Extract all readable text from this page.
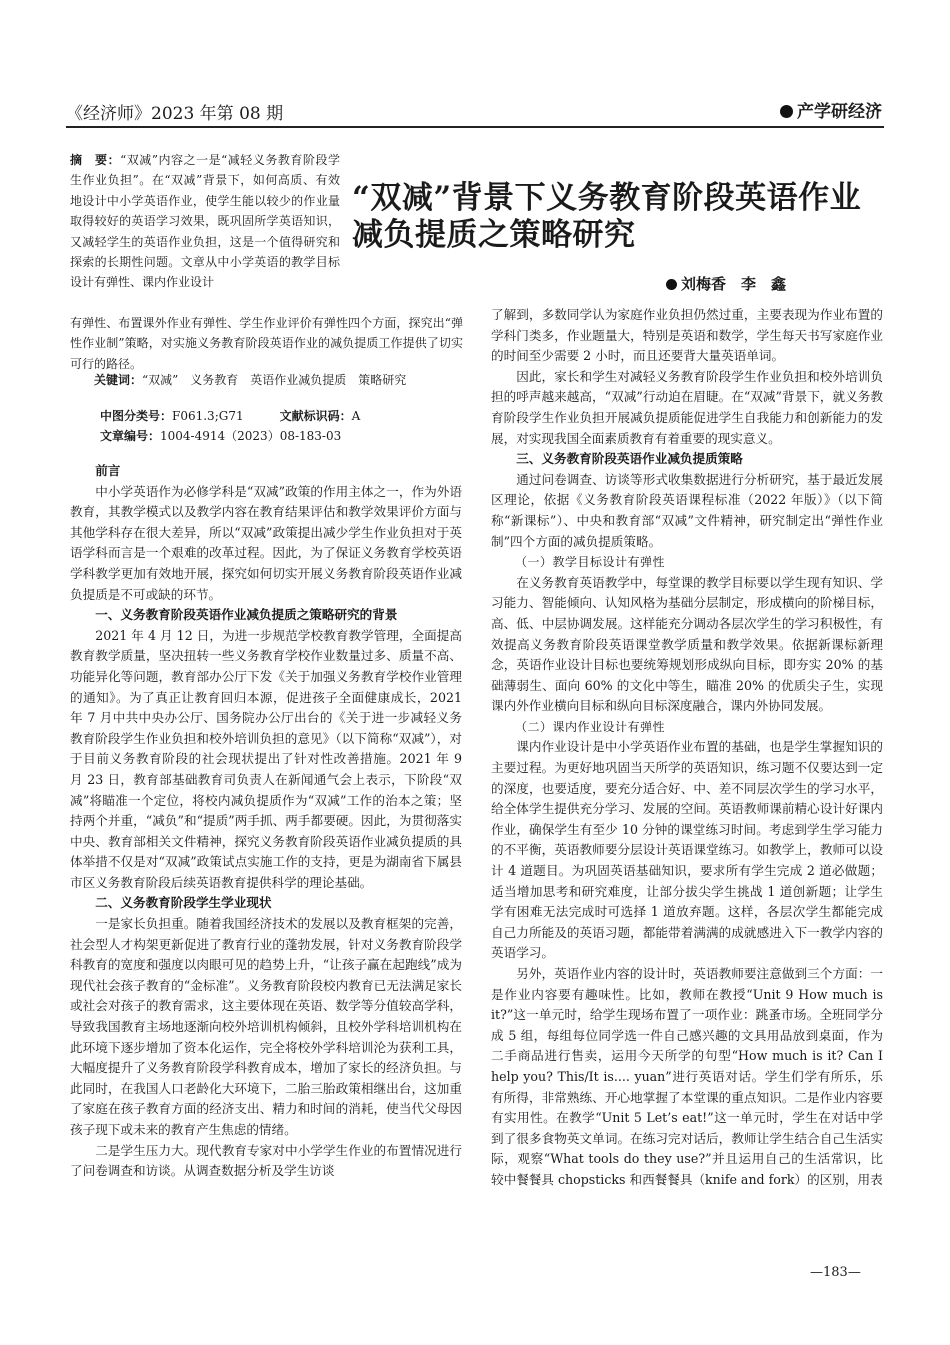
《经济师》2023 年第 08 期	产学研经济
“双减”背景下义务教育阶段英语作业减负提质之策略研究
刘梅香　李　鑫
摘　要：“双减”内容之一是“减轻义务教育阶段学生作业负担”。在“双减”背景下，如何高质、有效地设计中小学英语作业，使学生能以较少的作业量取得较好的英语学习效果，既巩固所学英语知识，又减轻学生的英语作业负担，这是一个值得研究和探索的长期性问题。文章从中小学英语的教学目标设计有弹性、课内作业设计
有弹性、布置课外作业有弹性、学生作业评价有弹性四个方面，探究出“弹性作业制”策略，对实施义务教育阶段英语作业的减负提质工作提供了切实可行的路径。
  关键词：“双减”　义务教育　英语作业减负提质　策略研究
中图分类号：F061.3;G71   	文献标识码：A
文章编号：1004-4914（2023）08-183-03
前言

中小学英语作为必修学科是“双减”政策的作用主体之一，作为外语教育，其教学模式以及教学内容在教育结果评估和教学效果评价方面与其他学科存在很大差异，所以“双减”政策提出减少学生作业负担对于英语学科而言是一个艰难的改革过程。因此，为了保证义务教育学校英语学科教学更加有效地开展，探究如何切实开展义务教育阶段英语作业减负提质是不可或缺的环节。

一、义务教育阶段英语作业减负提质之策略研究的背景

2021 年 4 月 12 日，为进一步规范学校教育教学管理，全面提高教育教学质量，坚决扭转一些义务教育学校作业数量过多、质量不高、功能异化等问题，教育部办公厅下发《关于加强义务教育学校作业管理的通知》。为了真正让教育回归本源，促进孩子全面健康成长，2021 年 7 月中共中央办公厅、国务院办公厅出台的《关于进一步减轻义务教育阶段学生作业负担和校外培训负担的意见》（以下简称“双减”），对于目前义务教育阶段的社会现状提出了针对性改善措施。2021 年 9 月 23 日，教育部基础教育司负责人在新闻通气会上表示，下阶段“双减”将瞄准一个定位，将校内减负提质作为“双减”工作的治本之策；坚持两个并重，“减负”和“提质”两手抓、两手都要硬。因此，为贯彻落实中央、教育部相关文件精神，探究义务教育阶段英语作业减负提质的具体举措不仅是对“双减”政策试点实施工作的支持，更是为湖南省下属县市区义务教育阶段后续英语教育提供科学的理论基础。

二、义务教育阶段学生学业现状

一是家长负担重。随着我国经济技术的发展以及教育框架的完善，社会型人才构架更新促进了教育行业的蓬勃发展，针对义务教育阶段学科教育的宽度和强度以肉眼可见的趋势上升，“让孩子赢在起跑线”成为现代社会孩子教育的“金标准”。义务教育阶段校内教育已无法满足家长或社会对孩子的教育需求，这主要体现在英语、数学等分值较高学科，导致我国教育主场地逐渐向校外培训机构倾斜，且校外学科培训机构在此环境下逐步增加了资本化运作，完全将校外学科培训沦为获利工具，大幅度提升了义务教育阶段学科教育成本，增加了家长的经济负担。与此同时，在我国人口老龄化大环境下，二胎三胎政策相继出台，这加重了家庭在孩子教育方面的经济支出、精力和时间的消耗，使当代父母因孩子现下或未来的教育产生焦虑的情绪。

二是学生压力大。现代教育专家对中小学学生作业的布置情况进行了问卷调查和访谈。从调查数据分析及学生访谈

了解到，多数同学认为家庭作业负担仍然过重，主要表现为作业布置的学科门类多，作业题量大，特别是英语和数学，学生每天书写家庭作业的时间至少需要 2 小时，而且还要背大量英语单词。

因此，家长和学生对减轻义务教育阶段学生作业负担和校外培训负担的呼声越来越高，“双减”行动迫在眉睫。在“双减”背景下，就义务教育阶段学生作业负担开展减负提质能促进学生自我能力和创新能力的发展，对实现我国全面素质教育有着重要的现实意义。

三、义务教育阶段英语作业减负提质策略

通过问卷调查、访谈等形式收集数据进行分析研究，基于最近发展区理论，依据《义务教育阶段英语课程标准（2022 年版）》（以下简称“新课标”）、中央和教育部“双减”文件精神，研究制定出“弹性作业制”四个方面的减负提质策略。

（一）教学目标设计有弹性

在义务教育英语教学中，每堂课的教学目标要以学生现有知识、学习能力、智能倾向、认知风格为基础分层制定，形成横向的阶梯目标，高、低、中层协调发展。这样能充分调动各层次学生的学习积极性，有效提高义务教育阶段英语课堂教学质量和教学效果。依据新课标新理念，英语作业设计目标也要统筹规划形成纵向目标，即夯实 20% 的基础薄弱生、面向 60% 的文化中等生，瞄准 20% 的优质尖子生，实现课内外作业横向目标和纵向目标深度融合，课内外协同发展。

（二）课内作业设计有弹性

课内作业设计是中小学英语作业布置的基础，也是学生掌握知识的主要过程。为更好地巩固当天所学的英语知识，练习题不仅要达到一定的深度，也要适度，要充分适合好、中、差不同层次学生的学习水平，给全体学生提供充分学习、发展的空间。英语教师课前精心设计好课内作业，确保学生有至少 10 分钟的课堂练习时间。考虑到学生学习能力的不平衡，英语教师要分层设计英语课堂练习。如教学上，教师可以设计 4 道题目。为巩固英语基础知识，要求所有学生完成 2 道必做题；适当增加思考和研究难度，让部分拔尖学生挑战 1 道创新题；让学生学有困难无法完成时可选择 1 道放弃题。这样，各层次学生都能完成自己力所能及的英语习题，都能带着满满的成就感进入下一教学内容的英语学习。

另外，英语作业内容的设计时，英语教师要注意做到三个方面：一是作业内容要有趣味性。比如，教师在教授“Unit 9 How much is it?”这一单元时，给学生现场布置了一项作业：跳蚤市场。全班同学分成 5 组，每组每位同学选一件自己感兴趣的文具用品放到桌面，作为二手商品进行售卖，运用今天所学的句型“How much is it? Can I help you? This/It is.... yuan”进行英语对话。学生们学有所乐，乐有所得，非常熟练、开心地掌握了本堂课的重点知识。二是作业内容要有实用性。在教学“Unit 5 Let’s eat!”这一单元时，学生在对话中学到了很多食物英文单词。在练习完对话后，教师让学生结合自己生活实际，观察“What tools do they use?”并且运用自己的生活常识，比较中餐餐具 chopsticks 和西餐餐具（knife and fork）的区别，用表

—183—
